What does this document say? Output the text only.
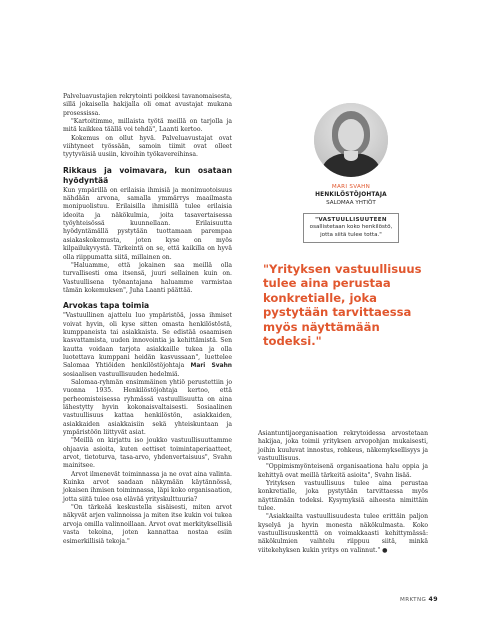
Palveluavustajien rekrytointi poikkesi tavanomaisesta, sillä jokaisella hakijalla oli omat avustajat mukana prosessissa.

"Kartoitimme, millaista työtä meillä on tarjolla ja mitä kaikkea täällä voi tehdä", Laanti kertoo.

Kokemus on ollut hyvä. Palveluavustajat ovat viihtyneet työssään, samoin tiimit ovat olleet tyytyväisiä uusiin, kivoihin työkavereihinsa.

Rikkaus ja voimavara, kun osataan hyödyntää

Kun ympärillä on erilaisia ihmisiä ja monimuotoisuus nähdään arvona, samalla ymmärrys maailmasta monipuolistuu. Erilaisilla ihmisillä tulee erilaisia ideoita ja näkökulmia, joita tasavertaisessa työyhteisössä kuunnellaan. Erilaisuutta hyödyntämällä pystytään tuottamaan parempaa asiakaskokemusta, joten kyse on myös kilpailukyvystä. Tärkeintä on se, että kaikilla on hyvä olla riippumatta siitä, millainen on.

"Haluamme, että jokainen saa meillä olla turvallisesti oma itsensä, juuri sellainen kuin on. Vastuullisena työnantajana haluamme varmistaa tämän kokemuksen", Juha Laanti päättää.

Arvokas tapa toimia

"Vastuullinen ajattelu luo ympäristöä, jossa ihmiset voivat hyvin, oli kyse sitten omasta henkilöstöstä, kumppaneista tai asiakkaista. Se edistää osaamisen kasvattamista, uuden innovointia ja kehittämistä. Sen kautta voidaan tarjota asiakkaille tukea ja olla luotettava kumppani heidän kasvussaan", luettelee Salomaa Yhtiöiden henkilöstöjohtaja Mari Svahn sosiaalisen vastuullisuuden hedelmiä.

Salomaa-ryhmän ensimmäinen yhtiö perustettiin jo vuonna 1935. Henkilöstöjohtaja kertoo, että perheomisteisessa ryhmässä vastuullisuutta on aina lähestytty hyvin kokonaisvaltaisesti. Sosiaalinen vastuullisuus kattaa henkilöstön, asiakkaiden, asiakkaiden asiakkaisiin sekä yhteiskuntaan ja ympäristöön liittyvät asiat.

"Meillä on kirjattu iso joukko vastuullisuuttamme ohjaavia asioita, kuten eettiset toimintaperiaatteet, arvot, tietoturva, tasa-arvo, yhdenvertaisuus", Svahn mainitsee.

Arvot ilmenevät toiminnassa ja ne ovat aina valinta. Kuinka arvot saadaan näkymään käytännössä, jokaisen ihmisen toiminnassa, läpi koko organisaation, jotta siitä tulee osa elävää yrityskulttuuria?

"On tärkeää keskustella sisäisesti, miten arvot näkyvät arjen valinnoissa ja miten itse kukin voi tukea arvoja omilla valinnoillaan. Arvot ovat merkityksellisiä vasta tekoina, joten kannattaa nostaa esiin esimerkillisiä tekoja."

MARI SVAHN
HENKILÖSTÖJOHTAJA
SALOMAA YHTIÖT
"VASTUULLISUUTEEN
osallistetaan koko henkilöstö,
jotta siitä tulee totta."
"Yrityksen vastuullisuus tulee aina perustaa konkretialle, joka pystytään tarvittaessa myös näyttämään todeksi."

Asiantuntijaorganisaation rekrytoidessa arvostetaan hakijaa, joka toimii yrityksen arvopohjan mukaisesti, joihin kuuluvat innostus, rohkeus, näkemyksellisyys ja vastuullisuus.

"Oppimismyönteisenä organisaationa halu oppia ja kehittyä ovat meillä tärkeitä asioita", Svahn lisää.

Yrityksen vastuullisuus tulee aina perustaa konkretialle, joka pystytään tarvittaessa myös näyttämään todeksi. Kysymyksiä aiheesta nimittäin tulee.

"Asiakkailta vastuullisuudesta tulee erittäin paljon kyselyä ja hyvin monesta näkökulmasta. Koko vastuullisuuskenttä on voimakkaasti kehittymässä: näkökulmien vaihtelu riippuu siitä, minkä viitekehyksen kukin yritys on valinnut." ●

MRKTNG 49
